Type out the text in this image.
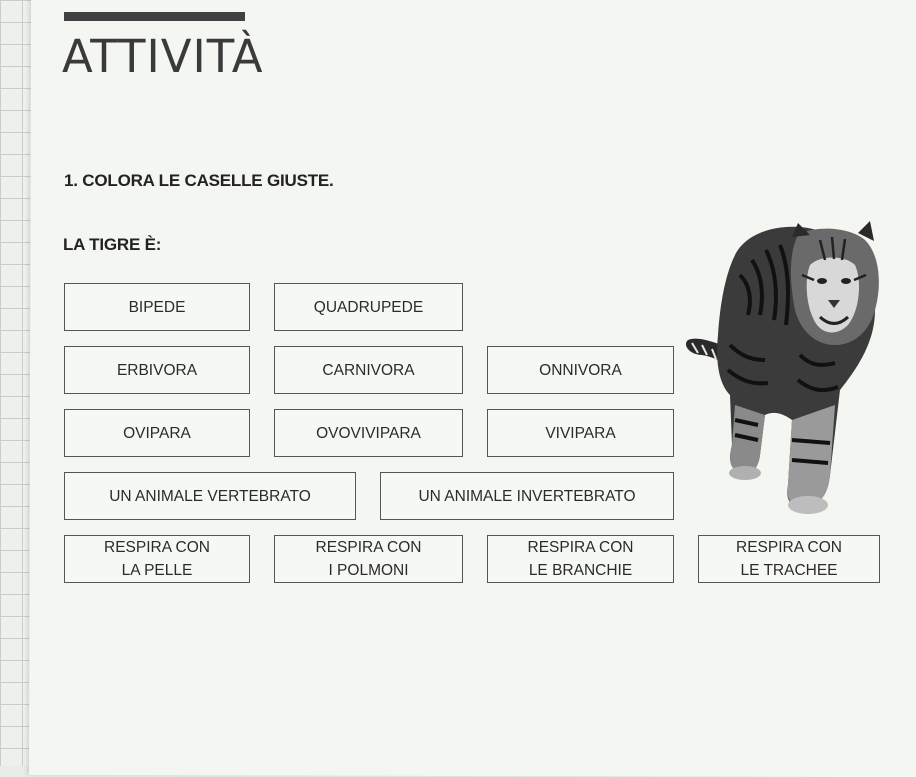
ATTIVITÀ
1. COLORA LE CASELLE GIUSTE.
LA TIGRE È:
BIPEDE	QUADRUPEDE
ERBIVORA	CARNIVORA	ONNIVORA
OVIPARA	OVOVIVIPARA	VIVIPARA
UN ANIMALE VERTEBRATO	UN ANIMALE INVERTEBRATO
RESPIRA CON
LA PELLE
RESPIRA CON
I POLMONI
RESPIRA CON
LE BRANCHIE
RESPIRA CON
LE TRACHEE
